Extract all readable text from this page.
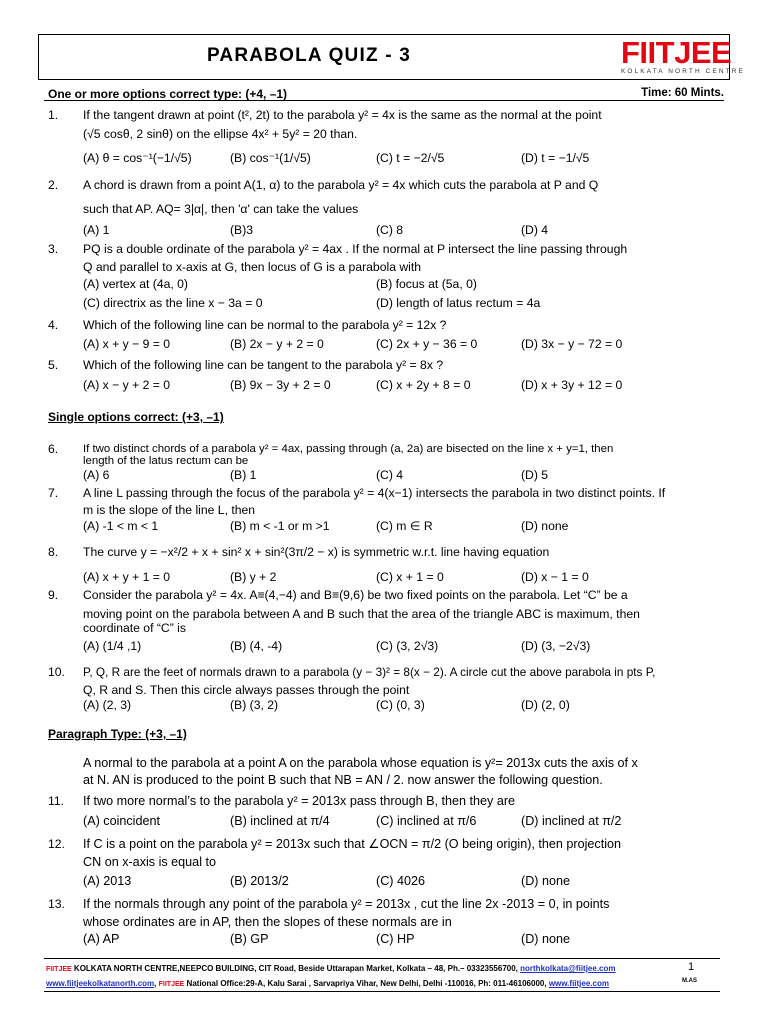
PARABOLA QUIZ - 3	FIITJEE
KOLKATA NORTH CENTRE
One or more options correct type: (+4, –1)	Time: 60 Mints.
1.	If the tangent drawn at point (t², 2t) to the parabola y² = 4x is the same as the normal at the point
(√5 cosθ, 2 sinθ) on the ellipse 4x² + 5y² = 20 than.
(A) θ = cos⁻¹(−1/√5)	(B) cos⁻¹(1/√5)	(C) t = −2/√5	(D) t = −1/√5
2.	A chord is drawn from a point A(1, α) to the parabola y² = 4x which cuts the parabola at P and Q
such that AP. AQ= 3|α|, then 'α' can take the values
(A) 1	(B)3	(C) 8	(D) 4
3.	PQ is a double ordinate of the parabola y² = 4ax . If the normal at P intersect the line passing through
Q and parallel to x-axis at G, then locus of G is a parabola with
(A) vertex at (4a, 0)	(B) focus at (5a, 0)
(C) directrix as the line x − 3a = 0	(D) length of latus rectum = 4a
4.	Which of the following line can be normal to the parabola y² = 12x ?
(A) x + y − 9 = 0	(B) 2x − y + 2 = 0	(C) 2x + y − 36 = 0	(D) 3x − y − 72 = 0
5.	Which of the following line can be tangent to the parabola y² = 8x ?
(A) x − y + 2 = 0	(B) 9x − 3y + 2 = 0	(C) x + 2y + 8 = 0	(D) x + 3y + 12 = 0
Single options correct: (+3, –1)
6.	If two distinct chords of a parabola y² = 4ax, passing through (a, 2a) are bisected on the line x + y=1, then
length of the latus rectum can be
(A) 6	(B) 1	(C) 4	(D) 5
7.	A line L passing through the focus of the parabola y² = 4(x−1) intersects the parabola in two distinct points. If
m is the slope of the line L, then
(A) -1 < m < 1	(B) m < -1 or m >1	(C) m ∈ R	(D) none
8.	The curve y = −x²/2 + x + sin² x + sin²(3π/2 − x) is symmetric w.r.t. line having equation
(A) x + y + 1 = 0	(B) y + 2	(C) x + 1 = 0	(D) x − 1 = 0
9.	Consider the parabola y² = 4x. A≡(4,−4) and B≡(9,6) be two fixed points on the parabola. Let “C” be a
moving point on the parabola between A and B such that the area of the triangle ABC is maximum, then
coordinate of “C” is
(A) (1/4 ,1)	(B) (4, -4)	(C) (3, 2√3)	(D) (3, −2√3)
10.	P, Q, R are the feet of normals drawn to a parabola (y − 3)² = 8(x − 2). A circle cut the above parabola in pts P,
Q, R and S. Then this circle always passes through the point
(A) (2, 3)	(B) (3, 2)	(C) (0, 3)	(D) (2, 0)
Paragraph Type: (+3, –1)
A normal to the parabola at a point A on the parabola whose equation is y²= 2013x cuts the axis of x
at N. AN is produced to the point B such that NB = AN / 2. now answer the following question.
11.	If two more normal’s to the parabola y² = 2013x pass through B, then they are
(A) coincident	(B) inclined at π/4	(C) inclined at π/6	(D) inclined at π/2
12.	If C is a point on the parabola y² = 2013x such that ∠OCN = π/2 (O being origin), then projection
CN on x-axis is equal to
(A) 2013	(B) 2013/2	(C) 4026	(D) none
13.	If the normals through any point of the parabola y² = 2013x , cut the line 2x -2013 = 0, in points
whose ordinates are in AP, then the slopes of these normals are in
(A) AP	(B) GP	(C) HP	(D) none
FIITJEE KOLKATA NORTH CENTRE,NEEPCO BUILDING, CIT Road, Beside Uttarapan Market, Kolkata – 48, Ph.– 03323556700, northkolkata@fiitjee.com
www.fiitjeekolkatanorth.com, FIITJEE National Office:29-A, Kalu Sarai , Sarvapriya Vihar, New Delhi, Delhi -110016, Ph: 011-46106000, www.fiitjee.com
1
M.AS
